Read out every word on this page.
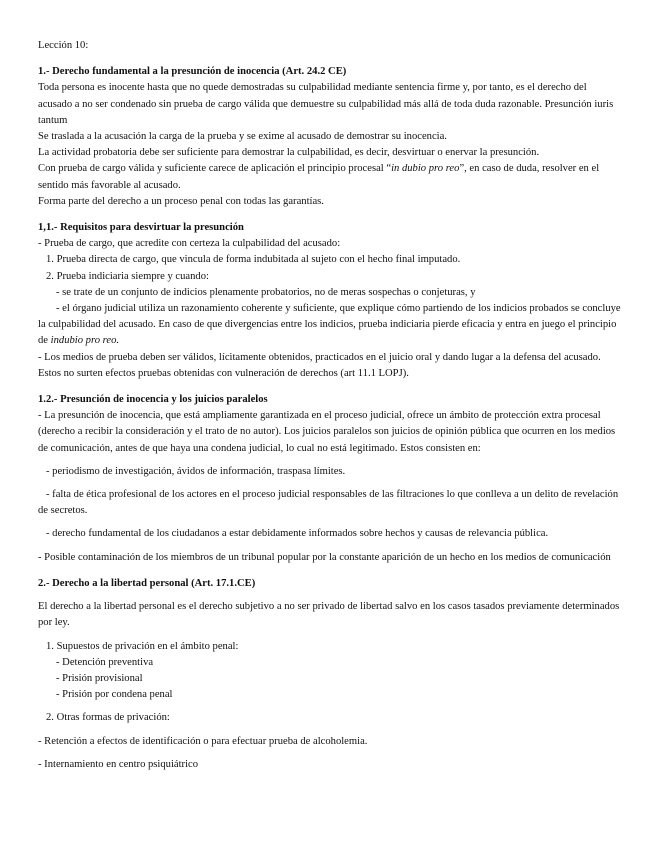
Lección 10:

1.- Derecho fundamental a la presunción de inocencia (Art. 24.2 CE)

Toda persona es inocente hasta que no quede demostradas su culpabilidad mediante sentencia firme y, por tanto, es el derecho del acusado a no ser condenado sin prueba de cargo válida que demuestre su culpabilidad más allá de toda duda razonable. Presunción iuris tantum

Se traslada a la acusación la carga de la prueba y se exime al acusado de demostrar su inocencia.

La actividad probatoria debe ser suficiente para demostrar la culpabilidad, es decir, desvirtuar o enervar la presunción.

Con prueba de cargo válida y suficiente carece de aplicación el principio procesal “in dubio pro reo”, en caso de duda, resolver en el sentido más favorable al acusado.

Forma parte del derecho a un proceso penal con todas las garantías.

1,1.- Requisitos para desvirtuar la presunción

- Prueba de cargo, que acredite con certeza la culpabilidad del acusado:

1. Prueba directa de cargo, que vincula de forma indubitada al sujeto con el hecho final imputado.

2. Prueba indiciaria siempre y cuando:

- se trate de un conjunto de indicios plenamente probatorios, no de meras sospechas o conjeturas, y

- el órgano judicial utiliza un razonamiento coherente y suficiente, que explique cómo partiendo de los indicios probados se concluye la culpabilidad del acusado. En caso de que divergencias entre los indicios, prueba indiciaria pierde eficacia y entra en juego el principio de indubio pro reo.

- Los medios de prueba deben ser válidos, lícitamente obtenidos, practicados en el juicio oral y dando lugar a la defensa del acusado. Estos no surten efectos pruebas obtenidas con vulneración de derechos (art 11.1 LOPJ).

1.2.- Presunción de inocencia y los juicios paralelos

- La presunción de inocencia, que está ampliamente garantizada en el proceso judicial, ofrece un ámbito de protección extra procesal (derecho a recibir la consideración y el trato de no autor). Los juicios paralelos son juicios de opinión pública que ocurren en los medios de comunicación, antes de que haya una condena judicial, lo cual no está legitimado. Estos consisten en:

- periodismo de investigación, ávidos de información, traspasa límites.

- falta de ética profesional de los actores en el proceso judicial responsables de las filtraciones lo que conlleva a un delito de revelación de secretos.

- derecho fundamental de los ciudadanos a estar debidamente informados sobre hechos y causas de relevancia pública.

- Posible contaminación de los miembros de un tribunal popular por la constante aparición de un hecho en los medios de comunicación

2.- Derecho a la libertad personal (Art. 17.1.CE)

El derecho a la libertad personal es el derecho subjetivo a no ser privado de libertad salvo en los casos tasados previamente determinados por ley.

1. Supuestos de privación en el ámbito penal:

- Detención preventiva

- Prisión provisional

- Prisión por condena penal

2. Otras formas de privación:

- Retención a efectos de identificación o para efectuar prueba de alcoholemia.

- Internamiento en centro psiquiátrico
